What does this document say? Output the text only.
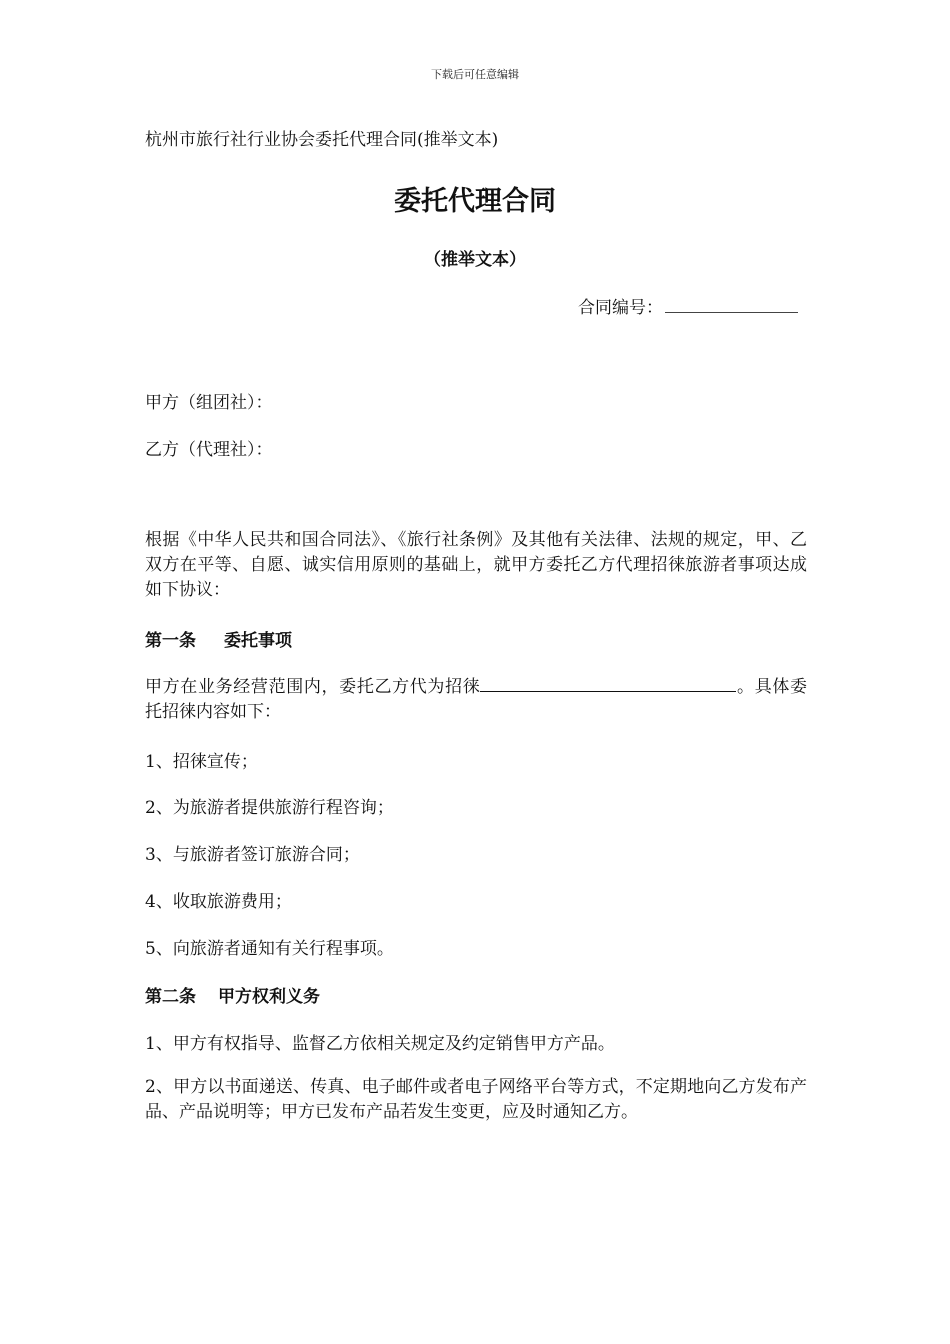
下载后可任意编辑
杭州市旅行社行业协会委托代理合同(推举文本)
委托代理合同
（推举文本）
合同编号：
甲方（组团社）：
乙方（代理社）：
根据《中华人民共和国合同法》、《旅行社条例》及其他有关法律、法规的规定，甲、乙双方在平等、自愿、诚实信用原则的基础上，就甲方委托乙方代理招徕旅游者事项达成如下协议：
第一条 委托事项
甲方在业务经营范围内，委托乙方代为招徕	。具体委托招徕内容如下：
1、招徕宣传；
2、为旅游者提供旅游行程咨询；
3、与旅游者签订旅游合同；
4、收取旅游费用；
5、向旅游者通知有关行程事项。
第二条 甲方权利义务
1、甲方有权指导、监督乙方依相关规定及约定销售甲方产品。
2、甲方以书面递送、传真、电子邮件或者电子网络平台等方式，不定期地向乙方发布产品、产品说明等；甲方已发布产品若发生变更，应及时通知乙方。
